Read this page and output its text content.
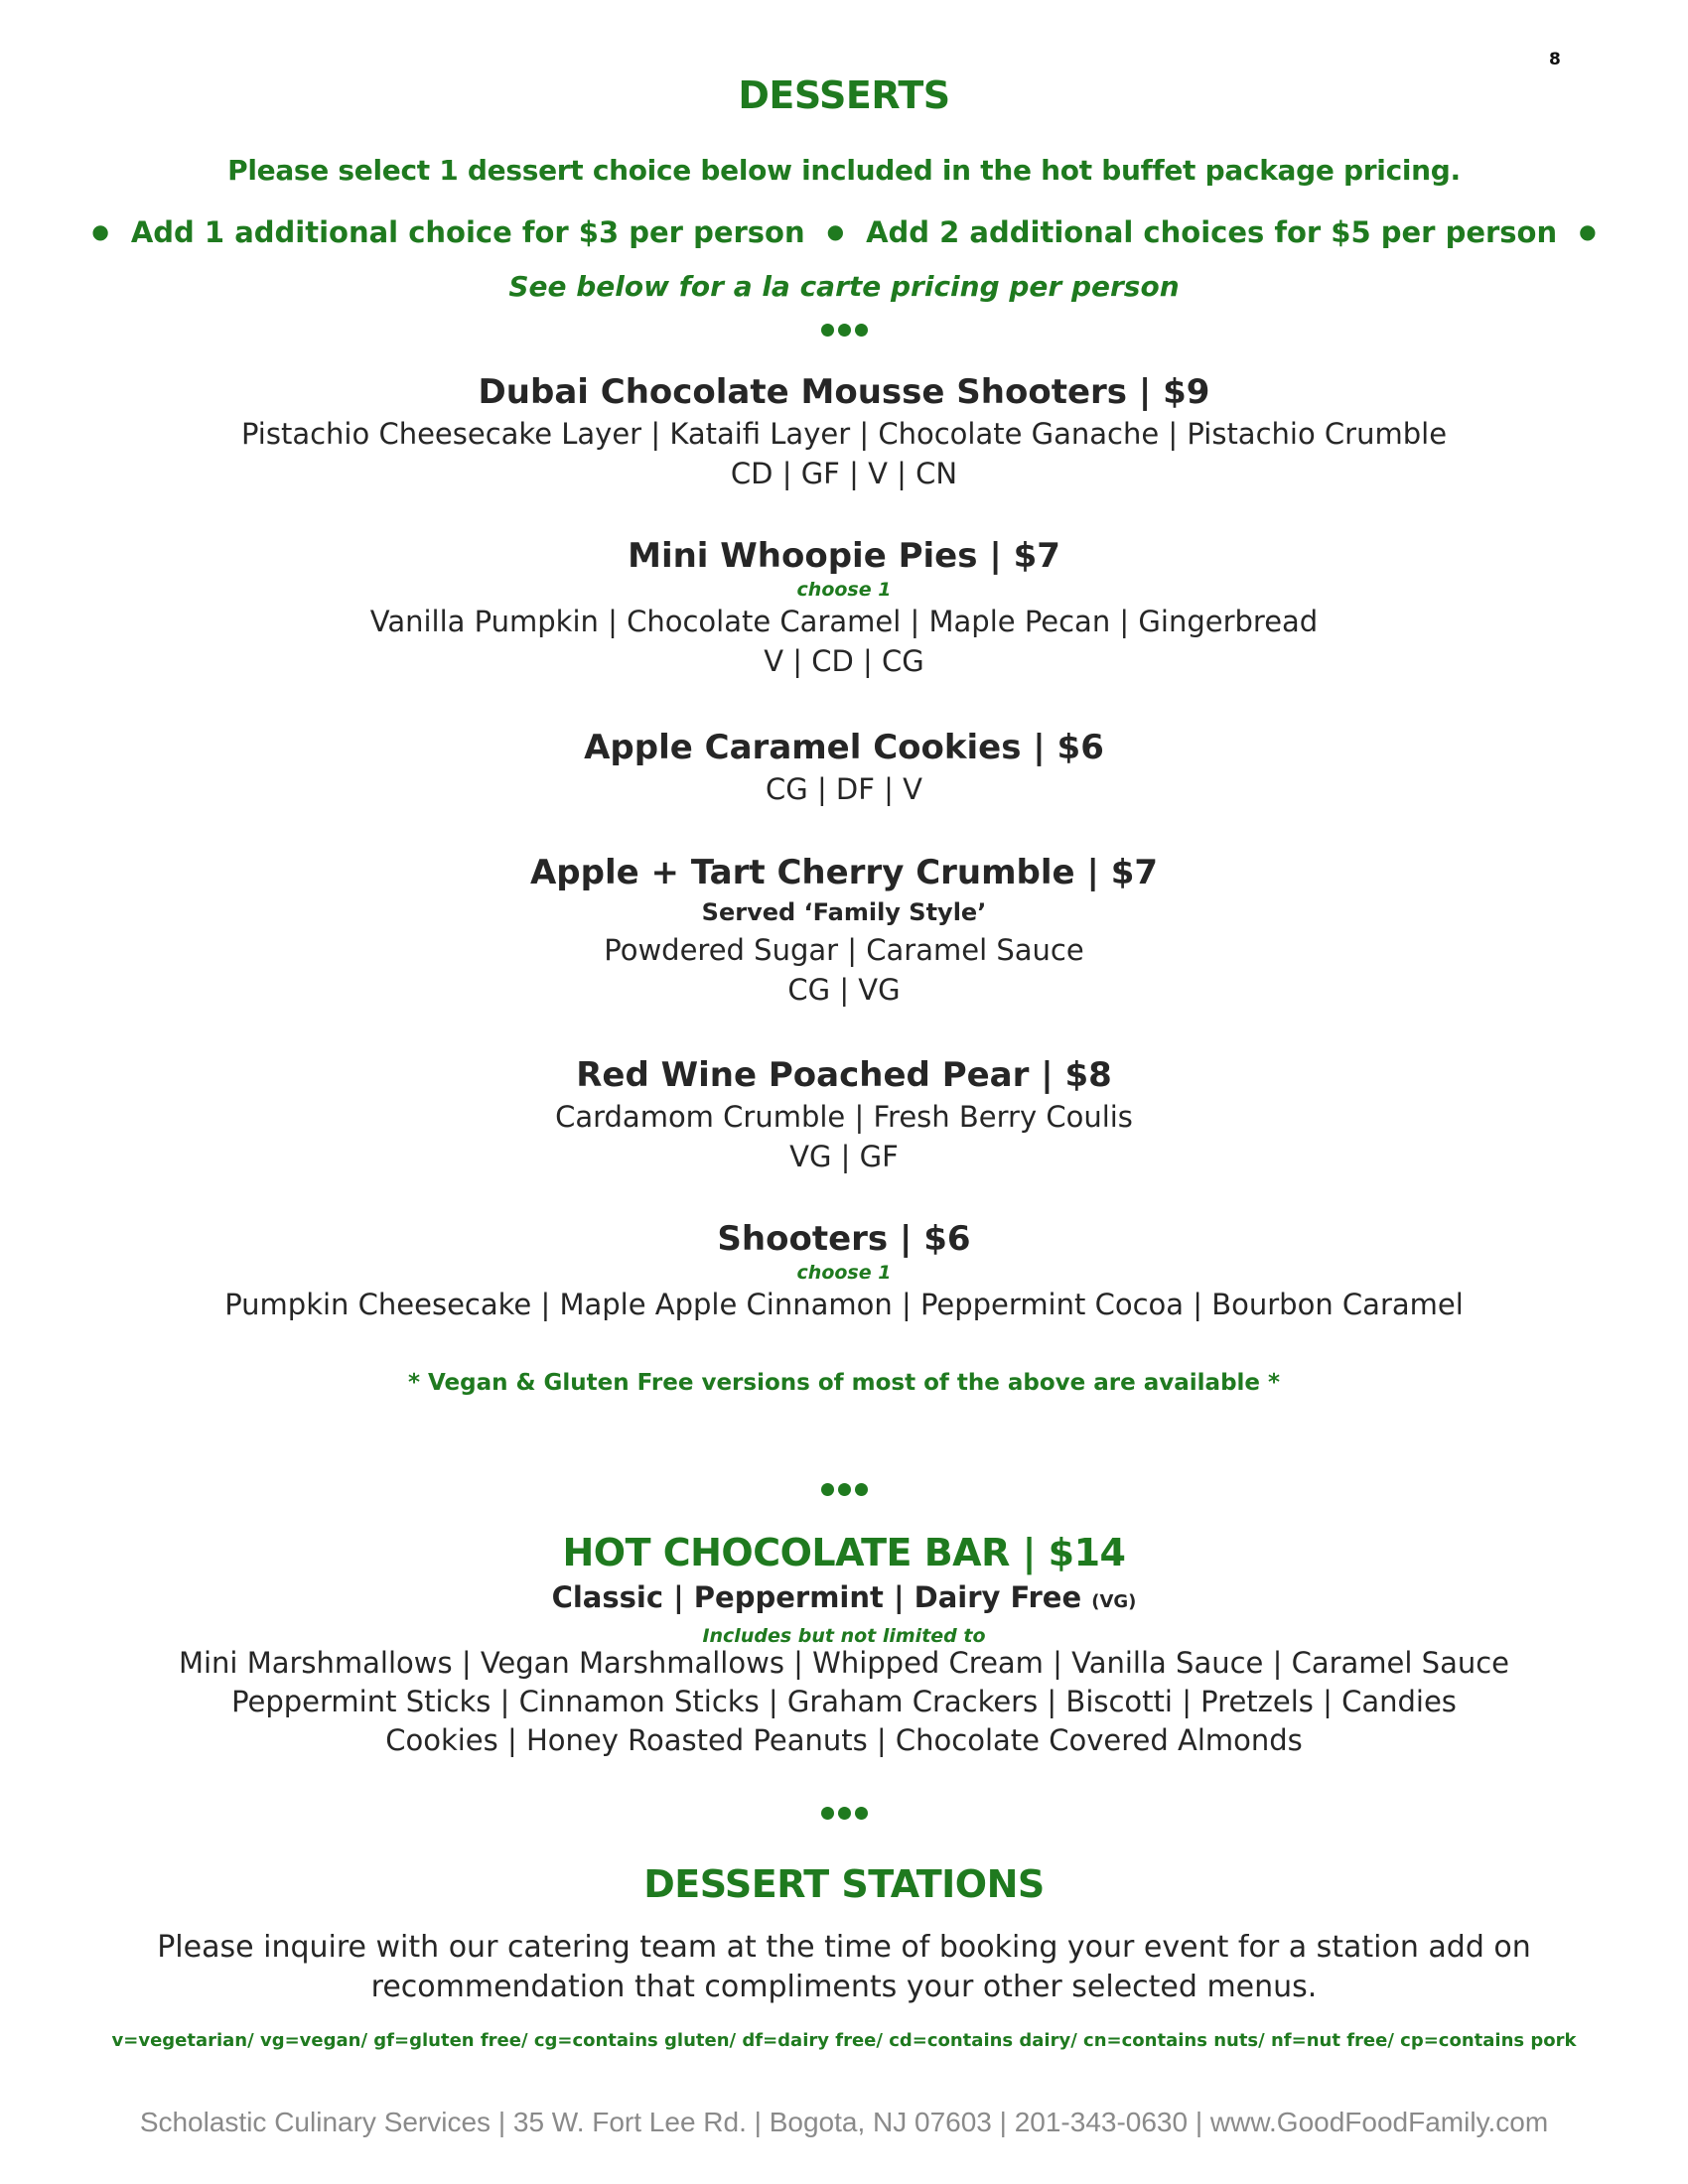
8
DESSERTS
Please select 1 dessert choice below included in the hot buffet package pricing.
● Add 1 additional choice for $3 per person ● Add 2 additional choices for $5 per person ●
See below for a la carte pricing per person
Dubai Chocolate Mousse Shooters | $9
Pistachio Cheesecake Layer | Kataifi Layer | Chocolate Ganache | Pistachio Crumble
CD | GF | V | CN
Mini Whoopie Pies | $7
choose 1
Vanilla Pumpkin | Chocolate Caramel | Maple Pecan | Gingerbread
V | CD | CG
Apple Caramel Cookies | $6
CG | DF | V
Apple + Tart Cherry Crumble | $7
Served ‘Family Style’
Powdered Sugar | Caramel Sauce
CG | VG
Red Wine Poached Pear | $8
Cardamom Crumble | Fresh Berry Coulis
VG | GF
Shooters | $6
choose 1
Pumpkin Cheesecake | Maple Apple Cinnamon | Peppermint Cocoa | Bourbon Caramel
* Vegan & Gluten Free versions of most of the above are available *
HOT CHOCOLATE BAR | $14
Classic | Peppermint | Dairy Free (VG)
Includes but not limited to
Mini Marshmallows | Vegan Marshmallows | Whipped Cream | Vanilla Sauce | Caramel Sauce
Peppermint Sticks | Cinnamon Sticks | Graham Crackers | Biscotti | Pretzels | Candies
Cookies | Honey Roasted Peanuts | Chocolate Covered Almonds
DESSERT STATIONS
Please inquire with our catering team at the time of booking your event for a station add on
recommendation that compliments your other selected menus.
v=vegetarian/ vg=vegan/ gf=gluten free/ cg=contains gluten/ df=dairy free/ cd=contains dairy/ cn=contains nuts/ nf=nut free/ cp=contains pork
Scholastic Culinary Services | 35 W. Fort Lee Rd. | Bogota, NJ 07603 | 201-343-0630 | www.GoodFoodFamily.com
